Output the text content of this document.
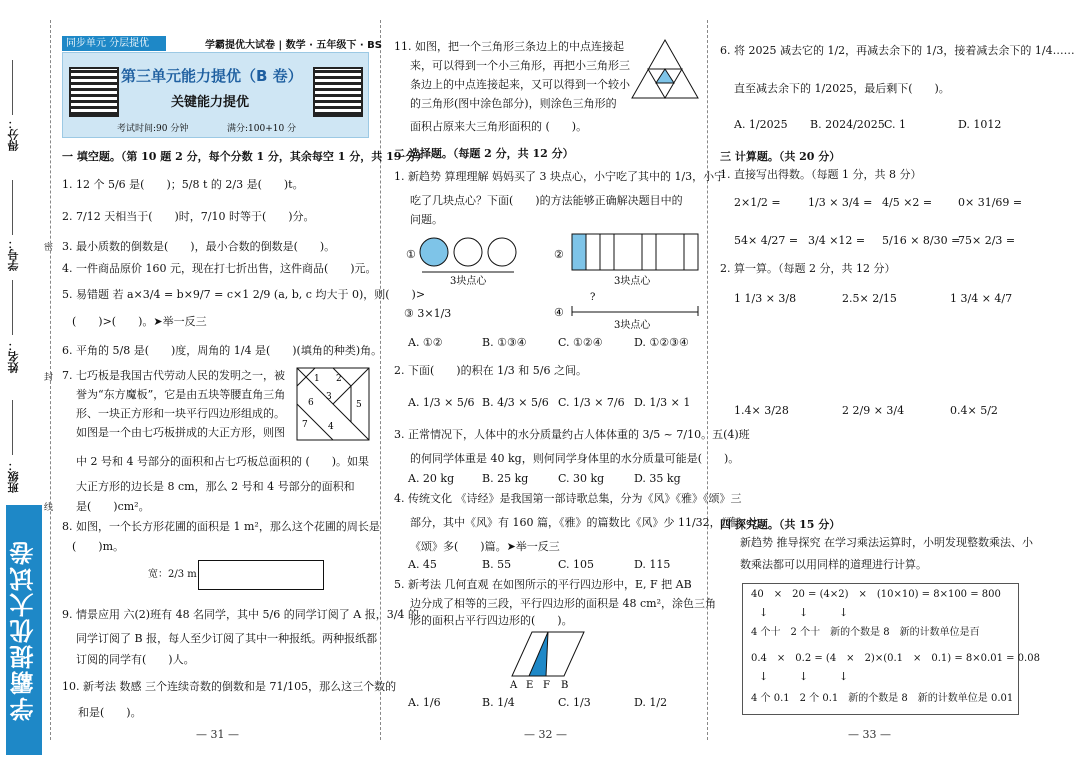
得分：
学号：
姓名：
班级：
学霸提优大试卷
密
封
线
同步单元 分层提优	学霸提优大试卷 | 数学 · 五年级下 · BS
第三单元能力提优（B 卷）
关键能力提优
考试时间:90 分钟	满分:100+10 分
一 填空题。（第 10 题 2 分，每个分数 1 分，其余每空 1 分，共 19 分）
1. 12 个 5/6 是(　　)；5/8 t 的 2/3 是(　　)t。
2. 7/12 天相当于(　　)时，7/10 时等于(　　)分。
3. 最小质数的倒数是(　　)，最小合数的倒数是(　　)。
4. 一件商品原价 160 元，现在打七折出售，这件商品(　　)元。
5. 易错题 若 a×3/4 = b×9/7 = c×1 2/9 (a, b, c 均大于 0)，则(　　)>
(　　)>(　　)。➤举一反三
6. 平角的 5/8 是(　　)度，周角的 1/4 是(　　)(填角的种类)角。
7. 七巧板是我国古代劳动人民的发明之一，被
誉为“东方魔板”，它是由五块等腰直角三角
形、一块正方形和一块平行四边形组成的。
如图是一个由七巧板拼成的大正方形，则图
中 2 号和 4 号部分的面积和占七巧板总面积的 (　　)。如果
大正方形的边长是 8 cm，那么 2 号和 4 号部分的面积和
是(　　)cm²。
1 2
3
4
5
6
7
8. 如图，一个长方形花圃的面积是 1 m²，那么这个花圃的周长是
(　　)m。
宽：2/3 m
9. 情景应用 六(2)班有 48 名同学，其中 5/6 的同学订阅了 A 报，3/4 的
同学订阅了 B 报，每人至少订阅了其中一种报纸。两种报纸都
订阅的同学有(　　)人。
10. 新考法 数感 三个连续奇数的倒数和是 71/105，那么这三个数的
和是(　　)。
— 31 —
11. 如图，把一个三角形三条边上的中点连接起
来，可以得到一个小三角形，再把小三角形三
条边上的中点连接起来，又可以得到一个较小
的三角形(图中涂色部分)，则涂色三角形的
面积占原来大三角形面积的 (　　)。
二 选择题。（每题 2 分，共 12 分）
1. 新趋势 算理理解 妈妈买了 3 块点心，小宁吃了其中的 1/3，小宁
吃了几块点心？下面(　　)的方法能够正确解决题目中的
问题。
①
3块点心
②
3块点心
④
?
3块点心
③ 3×1/3
A. ①②	B. ①③④	C. ①②④	D. ①②③④
2. 下面(　　)的积在 1/3 和 5/6 之间。
A. 1/3 × 5/6 B. 4/3 × 5/6 C. 1/3 × 7/6 D. 1/3 × 1
3. 正常情况下，人体中的水分质量约占人体体重的 3/5 ~ 7/10。五(4)班
的何同学体重是 40 kg，则何同学身体里的水分质量可能是(　　)。
A. 20 kg	B. 25 kg	C. 30 kg	D. 35 kg
4. 传统文化 《诗经》是我国第一部诗歌总集，分为《风》《雅》《颂》三
部分，其中《风》有 160 篇，《雅》的篇数比《风》少 11/32，《雅》比
《颂》多(　　)篇。➤举一反三
A. 45	B. 55	C. 105	D. 115
5. 新考法 几何直观 在如图所示的平行四边形中，E, F 把 AB
边分成了相等的三段，平行四边形的面积是 48 cm²，涂色三角
形的面积占平行四边形的(　　)。
A E F B
A. 1/6	B. 1/4	C. 1/3	D. 1/2
— 32 —
6. 将 2025 减去它的 1/2，再减去余下的 1/3，接着减去余下的 1/4……
直至减去余下的 1/2025，最后剩下(　　)。
A. 1/2025 B. 2024/2025 C. 1	D. 1012
三 计算题。（共 20 分）
1. 直接写出得数。（每题 1 分，共 8 分）
2×1/2 = 1/3 × 3/4 = 4/5 ×2 = 0× 31/69 =
54× 4/27 = 3/4 ×12 = 5/16 × 8/30 =
75× 2/3 =
2. 算一算。（每题 2 分，共 12 分）
1 1/3 × 3/8	2.5× 2/15	1 3/4 × 4/7
1.4× 3/28	2 2/9 × 3/4	0.4× 5/2
四 探究题。（共 15 分）
新趋势 推导探究 在学习乘法运算时，小明发现整数乘法、小
数乘法都可以用同样的道理进行计算。
40　×　20 = (4×2)　×　(10×10) = 8×100 = 800
↓	↓	↓
4 个十　2 个十　新的个数是 8　新的计数单位是百
0.4　×　0.2 = (4　×　2)×(0.1　×　0.1) = 8×0.01 = 0.08
↓	↓	↓
4 个 0.1　2 个 0.1　新的个数是 8　新的计数单位是 0.01
— 33 —
